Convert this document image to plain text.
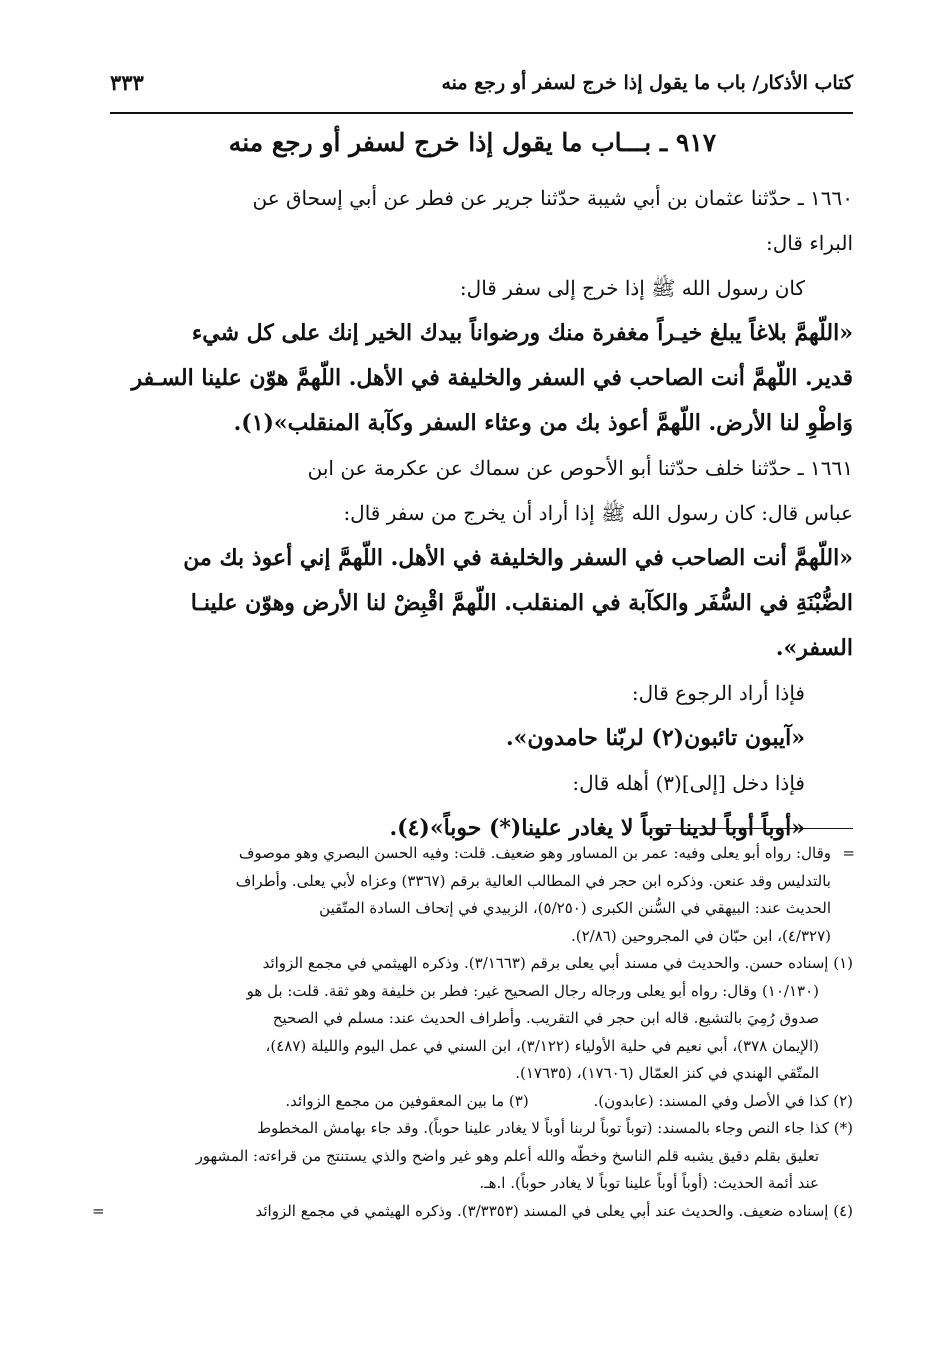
كتاب الأذكار/ باب ما يقول إذا خرج لسفر أو رجع منه
٣٣٣
٩١٧ ـ بـــاب ما يقول إذا خرج لسفر أو رجع منه
١٦٦٠ ـ حدّثنا عثمان بن أبي شيبة حدّثنا جرير عن فطر عن أبي إسحاق عن
البراء قال:
كان رسول الله ﷺ إذا خرج إلى سفر قال:
«اللّهمَّ بلاغاً يبلغ خيـراً مغفرة منك ورضواناً بيدك الخير إنك على كل شيء
قدير. اللّهمَّ أنت الصاحب في السفر والخليفة في الأهل. اللّهمَّ هوّن علينا السـفر
وَاطْوِ لنا الأرض. اللّهمَّ أعوذ بك من وعثاء السفر وكآبة المنقلب»(١).
١٦٦١ ـ حدّثنا خلف حدّثنا أبو الأحوص عن سماك عن عكرمة عن ابن
عباس قال: كان رسول الله ﷺ إذا أراد أن يخرج من سفر قال:
«اللّهمَّ أنت الصاحب في السفر والخليفة في الأهل. اللّهمَّ إني أعوذ بك من
الضُّبْنَةِ في السُّفَر والكآبة في المنقلب. اللّهمَّ اقْبِضْ لنا الأرض وهوّن علينـا
السفر».
فإذا أراد الرجوع قال:
«آيبون تائبون(٢) لربّنا حامدون».
فإذا دخل [إلى](٣) أهله قال:
«أوباً أوباً لدينا توباً لا يغادر علينا(*) حوباً»(٤).
=
وقال: رواه أبو يعلى وفيه: عمر بن المساور وهو ضعيف. قلت: وفيه الحسن البصري وهو موصوف
بالتدليس وقد عنعن. وذكره ابن حجر في المطالب العالية برقم (٣٣٦٧) وعزاه لأبي يعلى. وأطراف
الحديث عند: البيهقي في السُّنن الكبرى (٥/٢٥٠)، الزبيدي في إتحاف السادة المتّقين
(٤/٣٢٧)، ابن حبّان في المجروحين (٢/٨٦).
(١) إسناده حسن. والحديث في مسند أبي يعلى برقم (٣/١٦٦٣). وذكره الهيثمي في مجمع الزوائد
(١٠/١٣٠) وقال: رواه أبو يعلى ورجاله رجال الصحيح غير: فطر بن خليفة وهو ثقة. قلت: بل هو
صدوق رُمِيَ بالتشيع. قاله ابن حجر في التقريب. وأطراف الحديث عند: مسلم في الصحيح
(الإيمان ٣٧٨)، أبي نعيم في حلية الأولياء (٣/١٢٢)، ابن السني في عمل اليوم والليلة (٤٨٧)،
المتّقي الهندي في كنز العمّال (١٧٦٠٦)، (١٧٦٣٥).
(٢) كذا في الأصل وفي المسند: (عابدون). (٣) ما بين المعقوفين من مجمع الزوائد.
(*) كذا جاء النص وجاء بالمسند: (توباً توباً لربنا أوباً لا يغادر علينا حوباً). وقد جاء بهامش المخطوط
تعليق بقلم دقيق يشبه قلم الناسخ وخطّه والله أعلم وهو غير واضح والذي يستنتج من قراءته: المشهور
عند أئمة الحديث: (أوباً أوباً علينا توباً لا يغادر حوباً). ا.هـ.
(٤) إسناده ضعيف. والحديث عند أبي يعلى في المسند (٣/٣٣٥٣). وذكره الهيثمي في مجمع الزوائد
=
